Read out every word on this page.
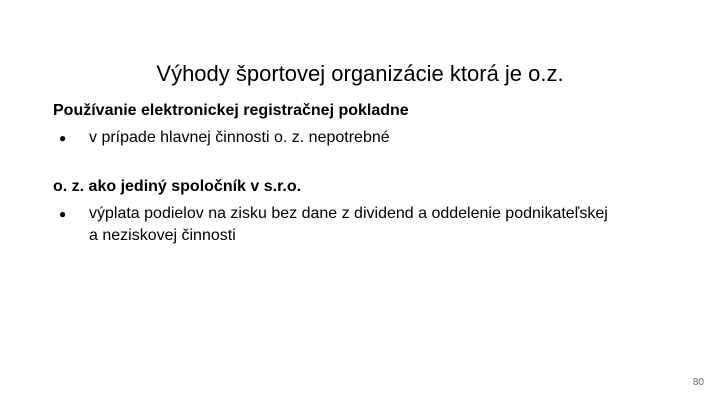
Výhody športovej organizácie ktorá je o.z.

Používanie elektronickej registračnej pokladne

● v prípade hlavnej činnosti o. z. nepotrebné

o. z. ako jediný spoločník v s.r.o.

● výplata podielov na zisku bez dane z dividend a oddelenie podnikateľskej a neziskovej činnosti
80
